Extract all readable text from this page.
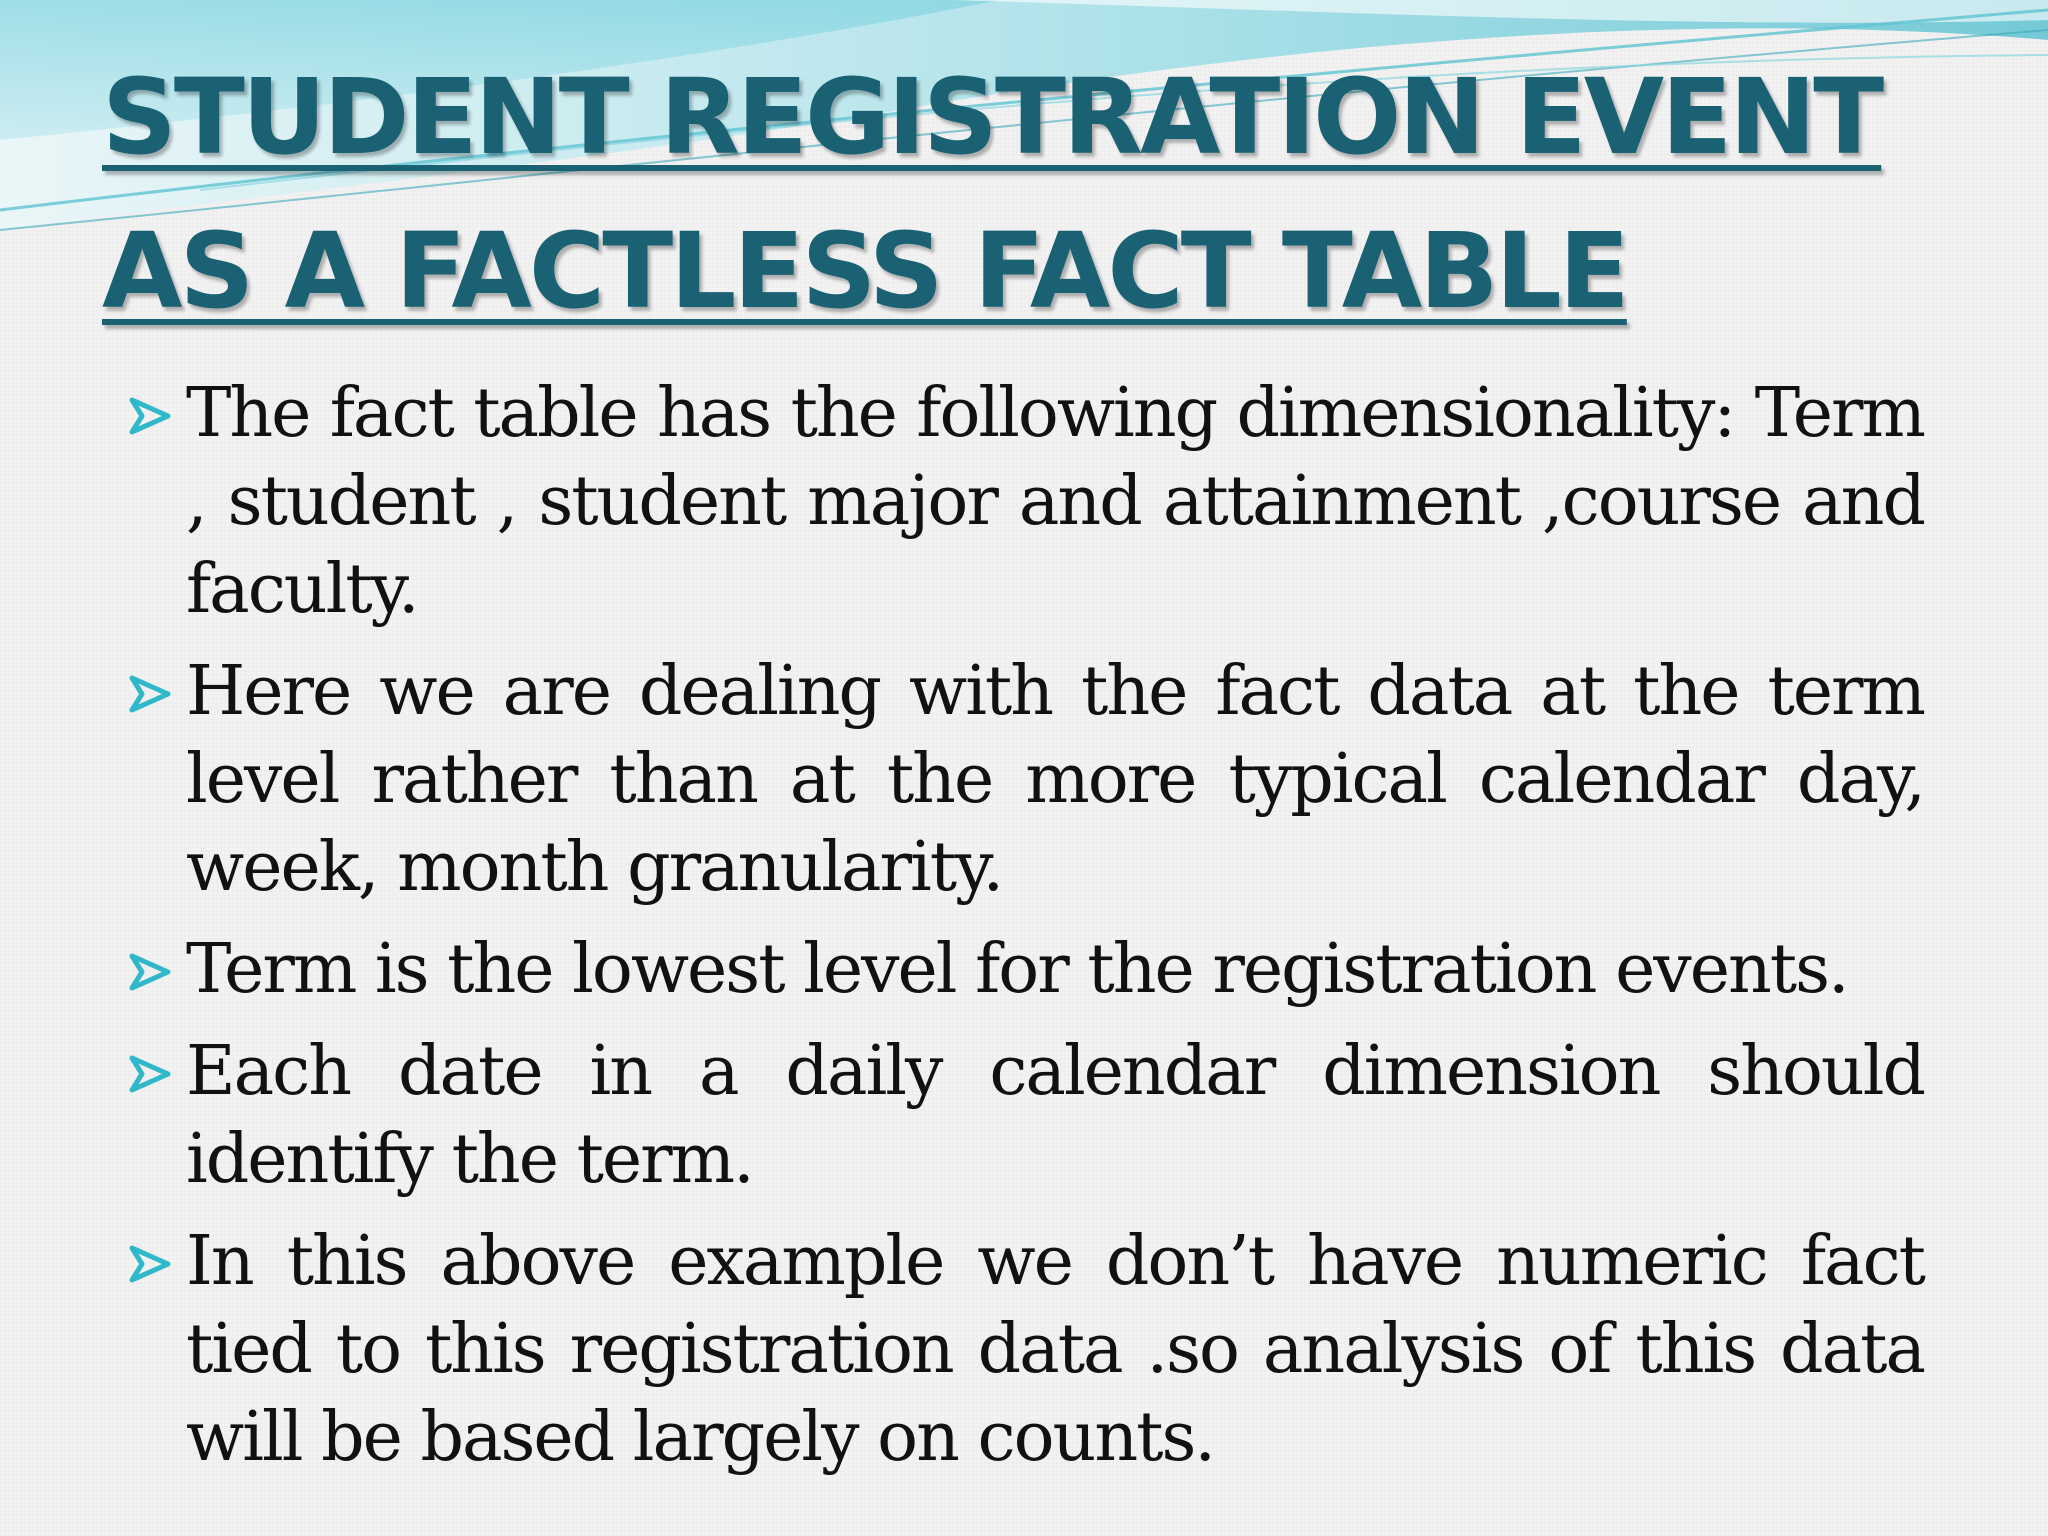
STUDENT REGISTRATION EVENT
AS A FACTLESS FACT TABLE
The fact table has the following dimensionality: Term , student , student major and attainment ,course and faculty.
Here we are dealing with the fact data at the term level rather than at the more typical calendar day, week, month granularity.
Term is the lowest level for the registration events.
Each date in a daily calendar dimension should identify the term.
In this above example we don’t have numeric fact tied to this registration data .so analysis of this data will be based largely on counts.
